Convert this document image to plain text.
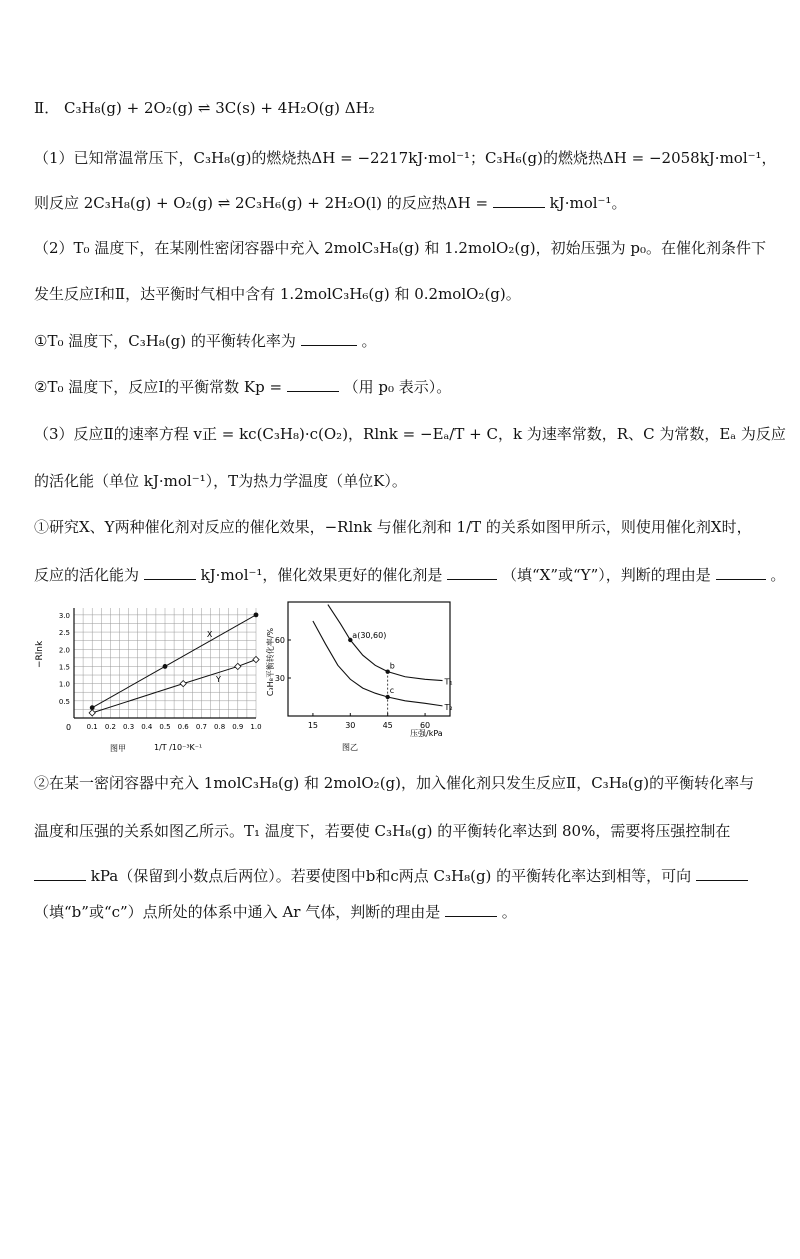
Ⅱ． C₃H₈(g) + 2O₂(g) ⇌ 3C(s) + 4H₂O(g) ΔH₂
（1）已知常温常压下，C₃H₈(g)的燃烧热ΔH = −2217kJ·mol⁻¹；C₃H₆(g)的燃烧热ΔH = −2058kJ·mol⁻¹，
则反应 2C₃H₈(g) + O₂(g) ⇌ 2C₃H₆(g) + 2H₂O(l) 的反应热ΔH =	kJ·mol⁻¹。
（2）T₀ 温度下，在某刚性密闭容器中充入 2molC₃H₈(g) 和 1.2molO₂(g)，初始压强为 p₀。在催化剂条件下
发生反应Ⅰ和Ⅱ，达平衡时气相中含有 1.2molC₃H₆(g) 和 0.2molO₂(g)。
①T₀ 温度下，C₃H₈(g) 的平衡转化率为	。
②T₀ 温度下，反应Ⅰ的平衡常数 Kp =	（用 p₀ 表示）。
（3）反应Ⅱ的速率方程 v正 = kc(C₃H₈)·c(O₂)，Rlnk = −Eₐ/T + C，k 为速率常数，R、C 为常数，Eₐ 为反应
的活化能（单位 kJ·mol⁻¹），T为热力学温度（单位K）。
①研究X、Y两种催化剂对反应的催化效果，−Rlnk 与催化剂和 1/T 的关系如图甲所示，则使用催化剂X时，
反应的活化能为	kJ·mol⁻¹，催化效果更好的催化剂是	（填“X”或“Y”），判断的理由是	。
0.1 0.2 0.3 0.4 0.5 0.6 0.7 0.8 0.9 1.0
0.5
1.0
1.5
2.0
2.5
3.0
0
−Rlnk
1/T /10⁻³K⁻¹
图甲
X
Y
15	30	45	60
30
60
C₃H₈平衡转化率/%
压强/kPa
图乙
T₁
T₂
a(30,60)
b
c
②在某一密闭容器中充入 1molC₃H₈(g) 和 2molO₂(g)，加入催化剂只发生反应Ⅱ，C₃H₈(g)的平衡转化率与
温度和压强的关系如图乙所示。T₁ 温度下，若要使 C₃H₈(g) 的平衡转化率达到 80%，需要将压强控制在
kPa（保留到小数点后两位）。若要使图中b和c两点 C₃H₈(g) 的平衡转化率达到相等，可向
（填“b”或“c”）点所处的体系中通入 Ar 气体，判断的理由是	。
